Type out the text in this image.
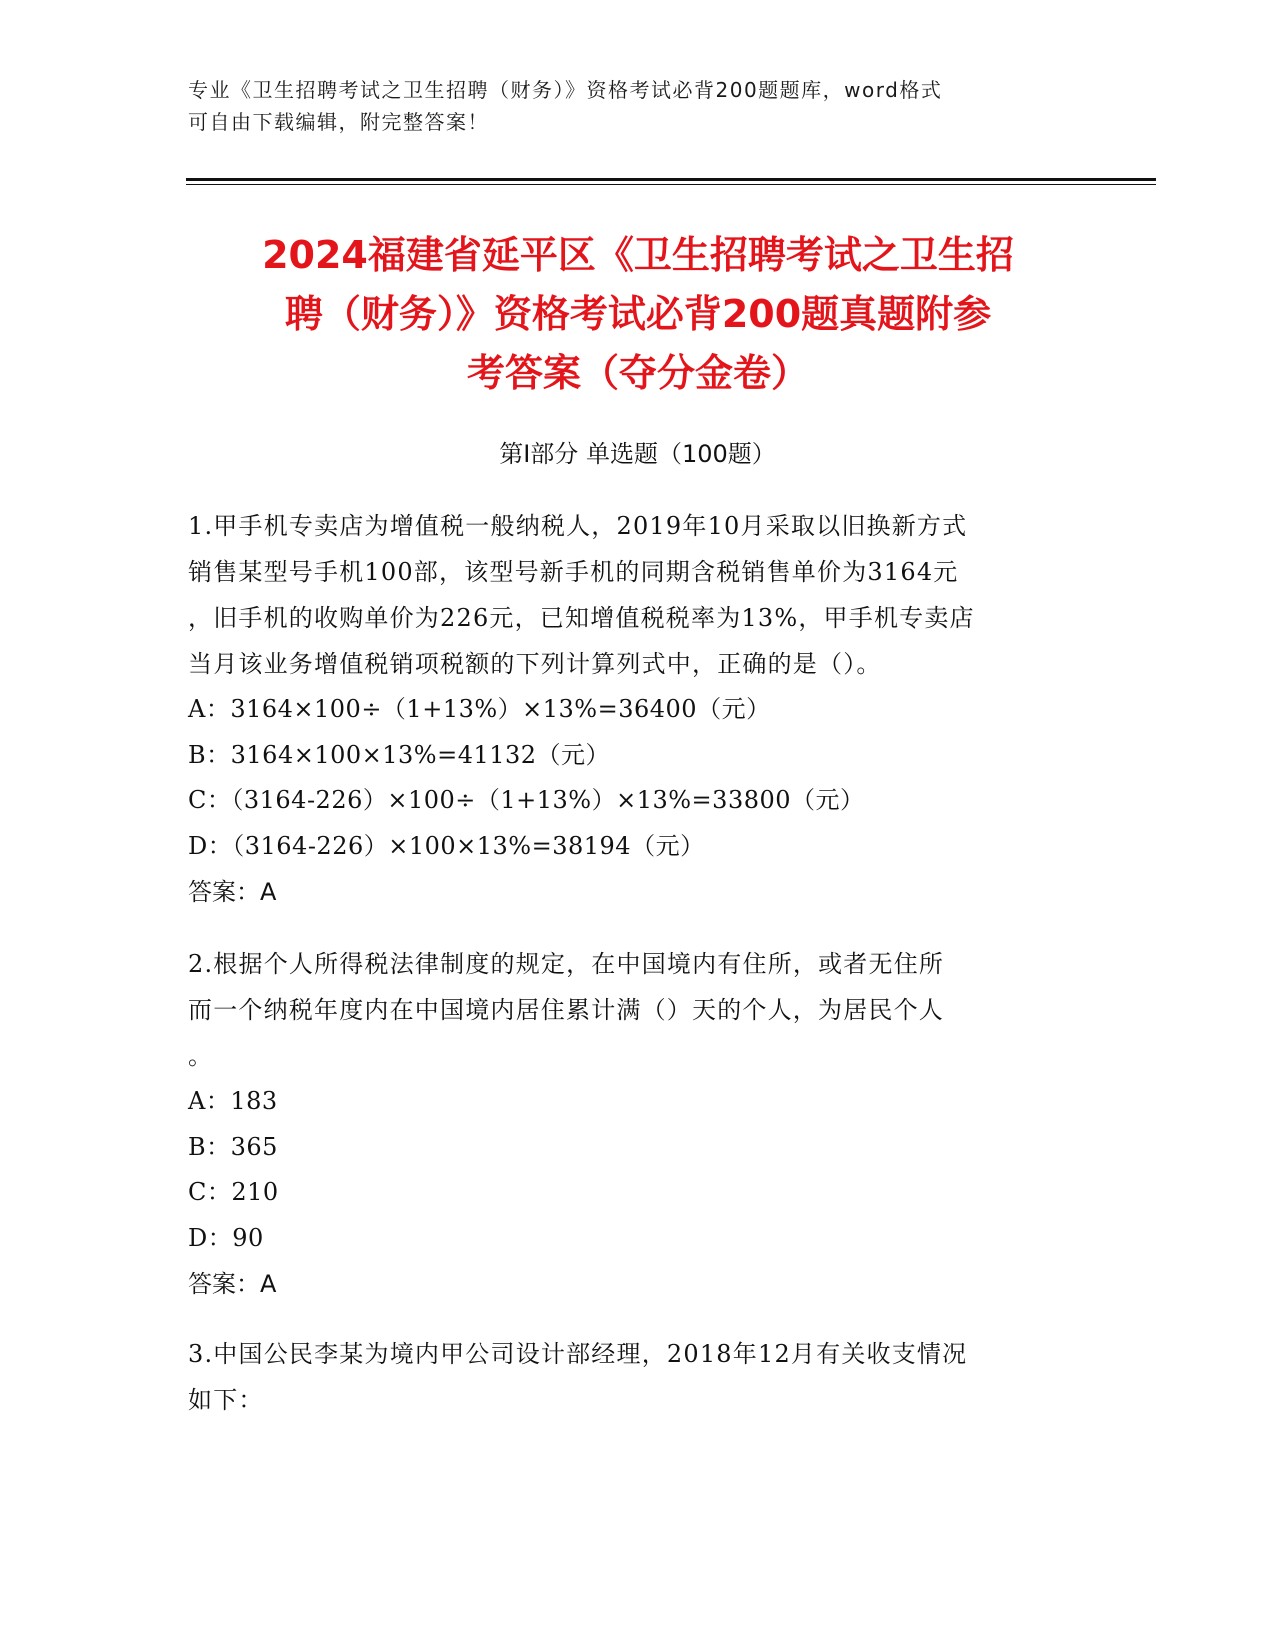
专业《卫生招聘考试之卫生招聘（财务）》资格考试必背200题题库，word格式
可自由下载编辑，附完整答案！
2024福建省延平区《卫生招聘考试之卫生招
聘（财务）》资格考试必背200题真题附参
考答案（夺分金卷）
第Ⅰ部分 单选题（100题）
1.甲手机专卖店为增值税一般纳税人，2019年10月采取以旧换新方式
销售某型号手机100部，该型号新手机的同期含税销售单价为3164元
，旧手机的收购单价为226元，已知增值税税率为13%，甲手机专卖店
当月该业务增值税销项税额的下列计算列式中，正确的是（）。
A：3164×100÷（1+13%）×13%=36400（元）
B：3164×100×13%=41132（元）
C：（3164-226）×100÷（1+13%）×13%=33800（元）
D：（3164-226）×100×13%=38194（元）
答案：A
2.根据个人所得税法律制度的规定，在中国境内有住所，或者无住所
而一个纳税年度内在中国境内居住累计满（）天的个人，为居民个人
。
A：183
B：365
C：210
D：90
答案：A
3.中国公民李某为境内甲公司设计部经理，2018年12月有关收支情况
如下：
